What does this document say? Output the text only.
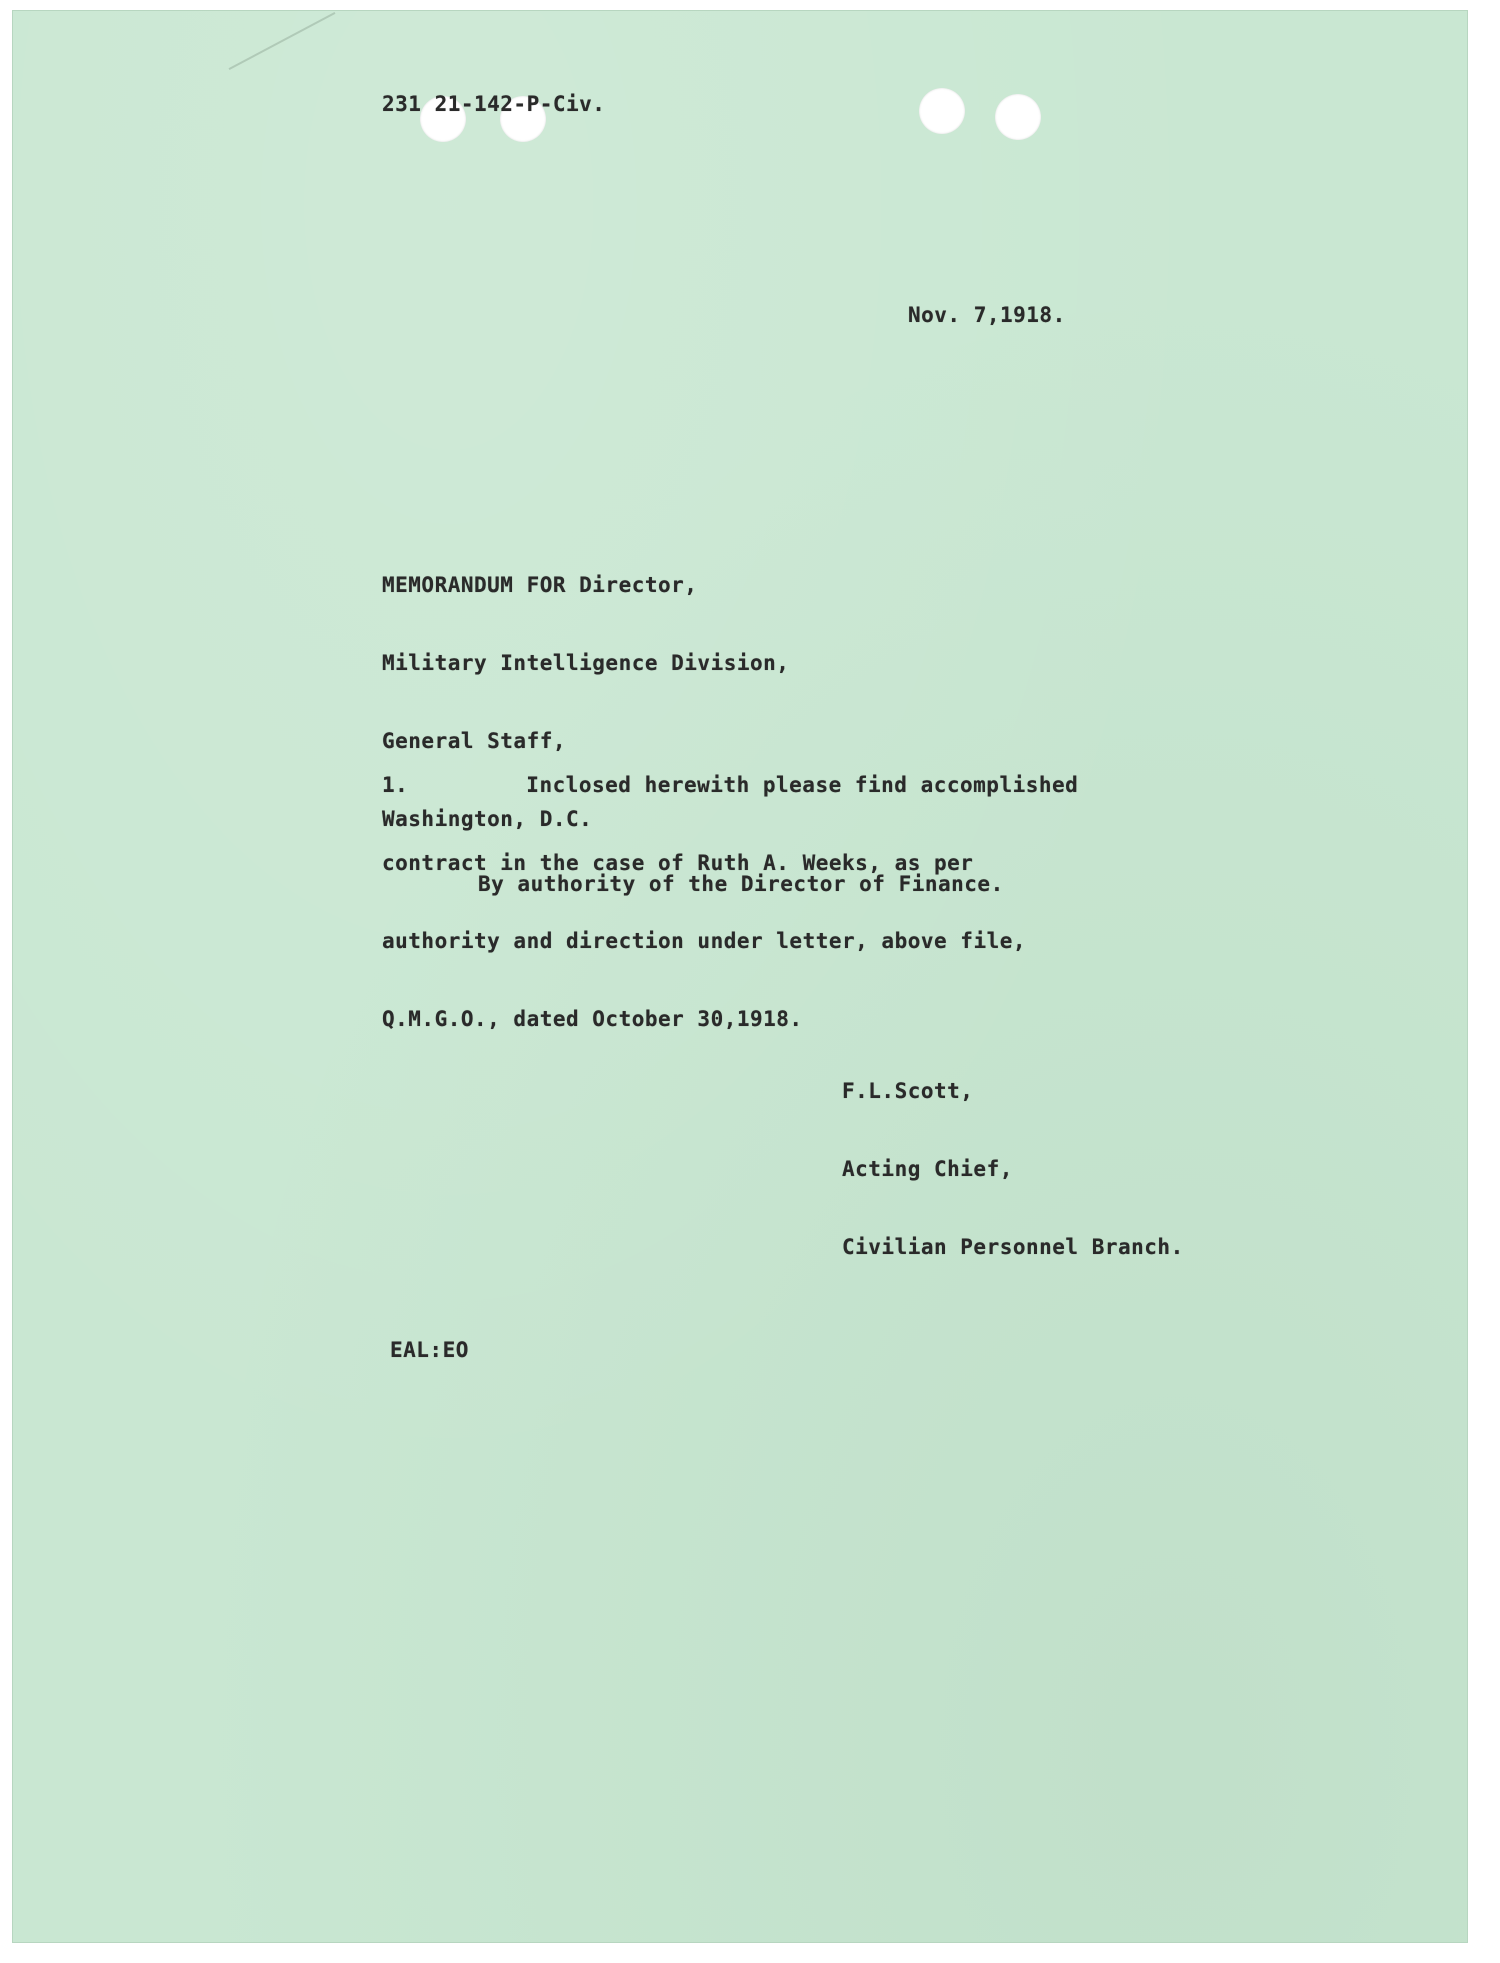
231 21-142-P-Civ.
Nov. 7,1918.

MEMORANDUM FOR Director,

Military Intelligence Division,

General Staff,

Washington, D.C.

1.	Inclosed herewith please find accomplished

contract in the case of Ruth A. Weeks, as per

authority and direction under letter, above file,

Q.M.G.O., dated October 30,1918.

By authority of the Director of Finance.

F.L.Scott,

Acting Chief,

Civilian Personnel Branch.

EAL:EO
